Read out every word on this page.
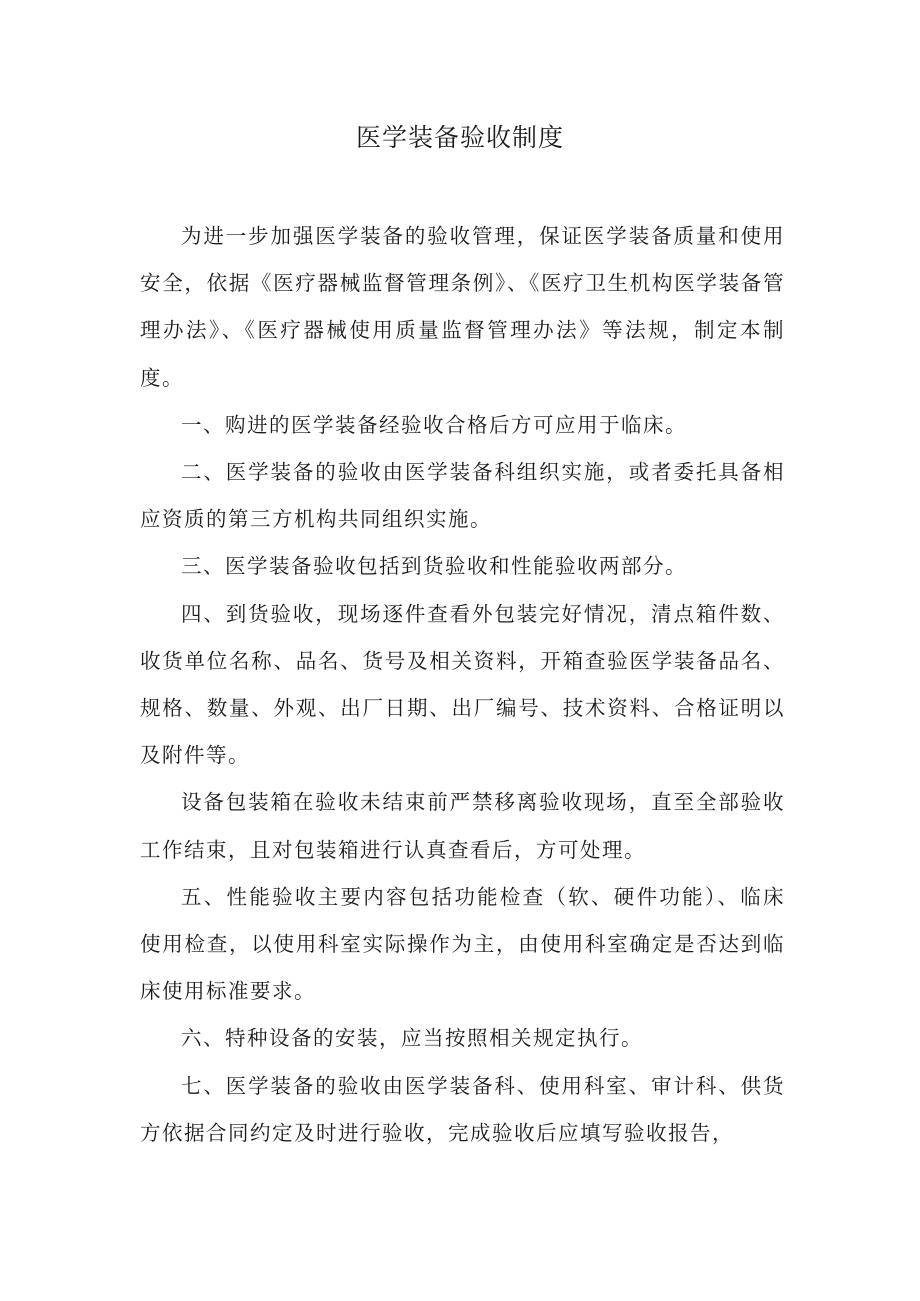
医学装备验收制度

为进一步加强医学装备的验收管理，保证医学装备质量和使用安全，依据《医疗器械监督管理条例》、《医疗卫生机构医学装备管理办法》、《医疗器械使用质量监督管理办法》等法规，制定本制度。

一、购进的医学装备经验收合格后方可应用于临床。

二、医学装备的验收由医学装备科组织实施，或者委托具备相应资质的第三方机构共同组织实施。

三、医学装备验收包括到货验收和性能验收两部分。

四、到货验收，现场逐件查看外包装完好情况，清点箱件数、收货单位名称、品名、货号及相关资料，开箱查验医学装备品名、规格、数量、外观、出厂日期、出厂编号、技术资料、合格证明以及附件等。

设备包装箱在验收未结束前严禁移离验收现场，直至全部验收工作结束，且对包装箱进行认真查看后，方可处理。

五、性能验收主要内容包括功能检查（软、硬件功能）、临床使用检查，以使用科室实际操作为主，由使用科室确定是否达到临床使用标准要求。

六、特种设备的安装，应当按照相关规定执行。

七、医学装备的验收由医学装备科、使用科室、审计科、供货方依据合同约定及时进行验收，完成验收后应填写验收报告，
